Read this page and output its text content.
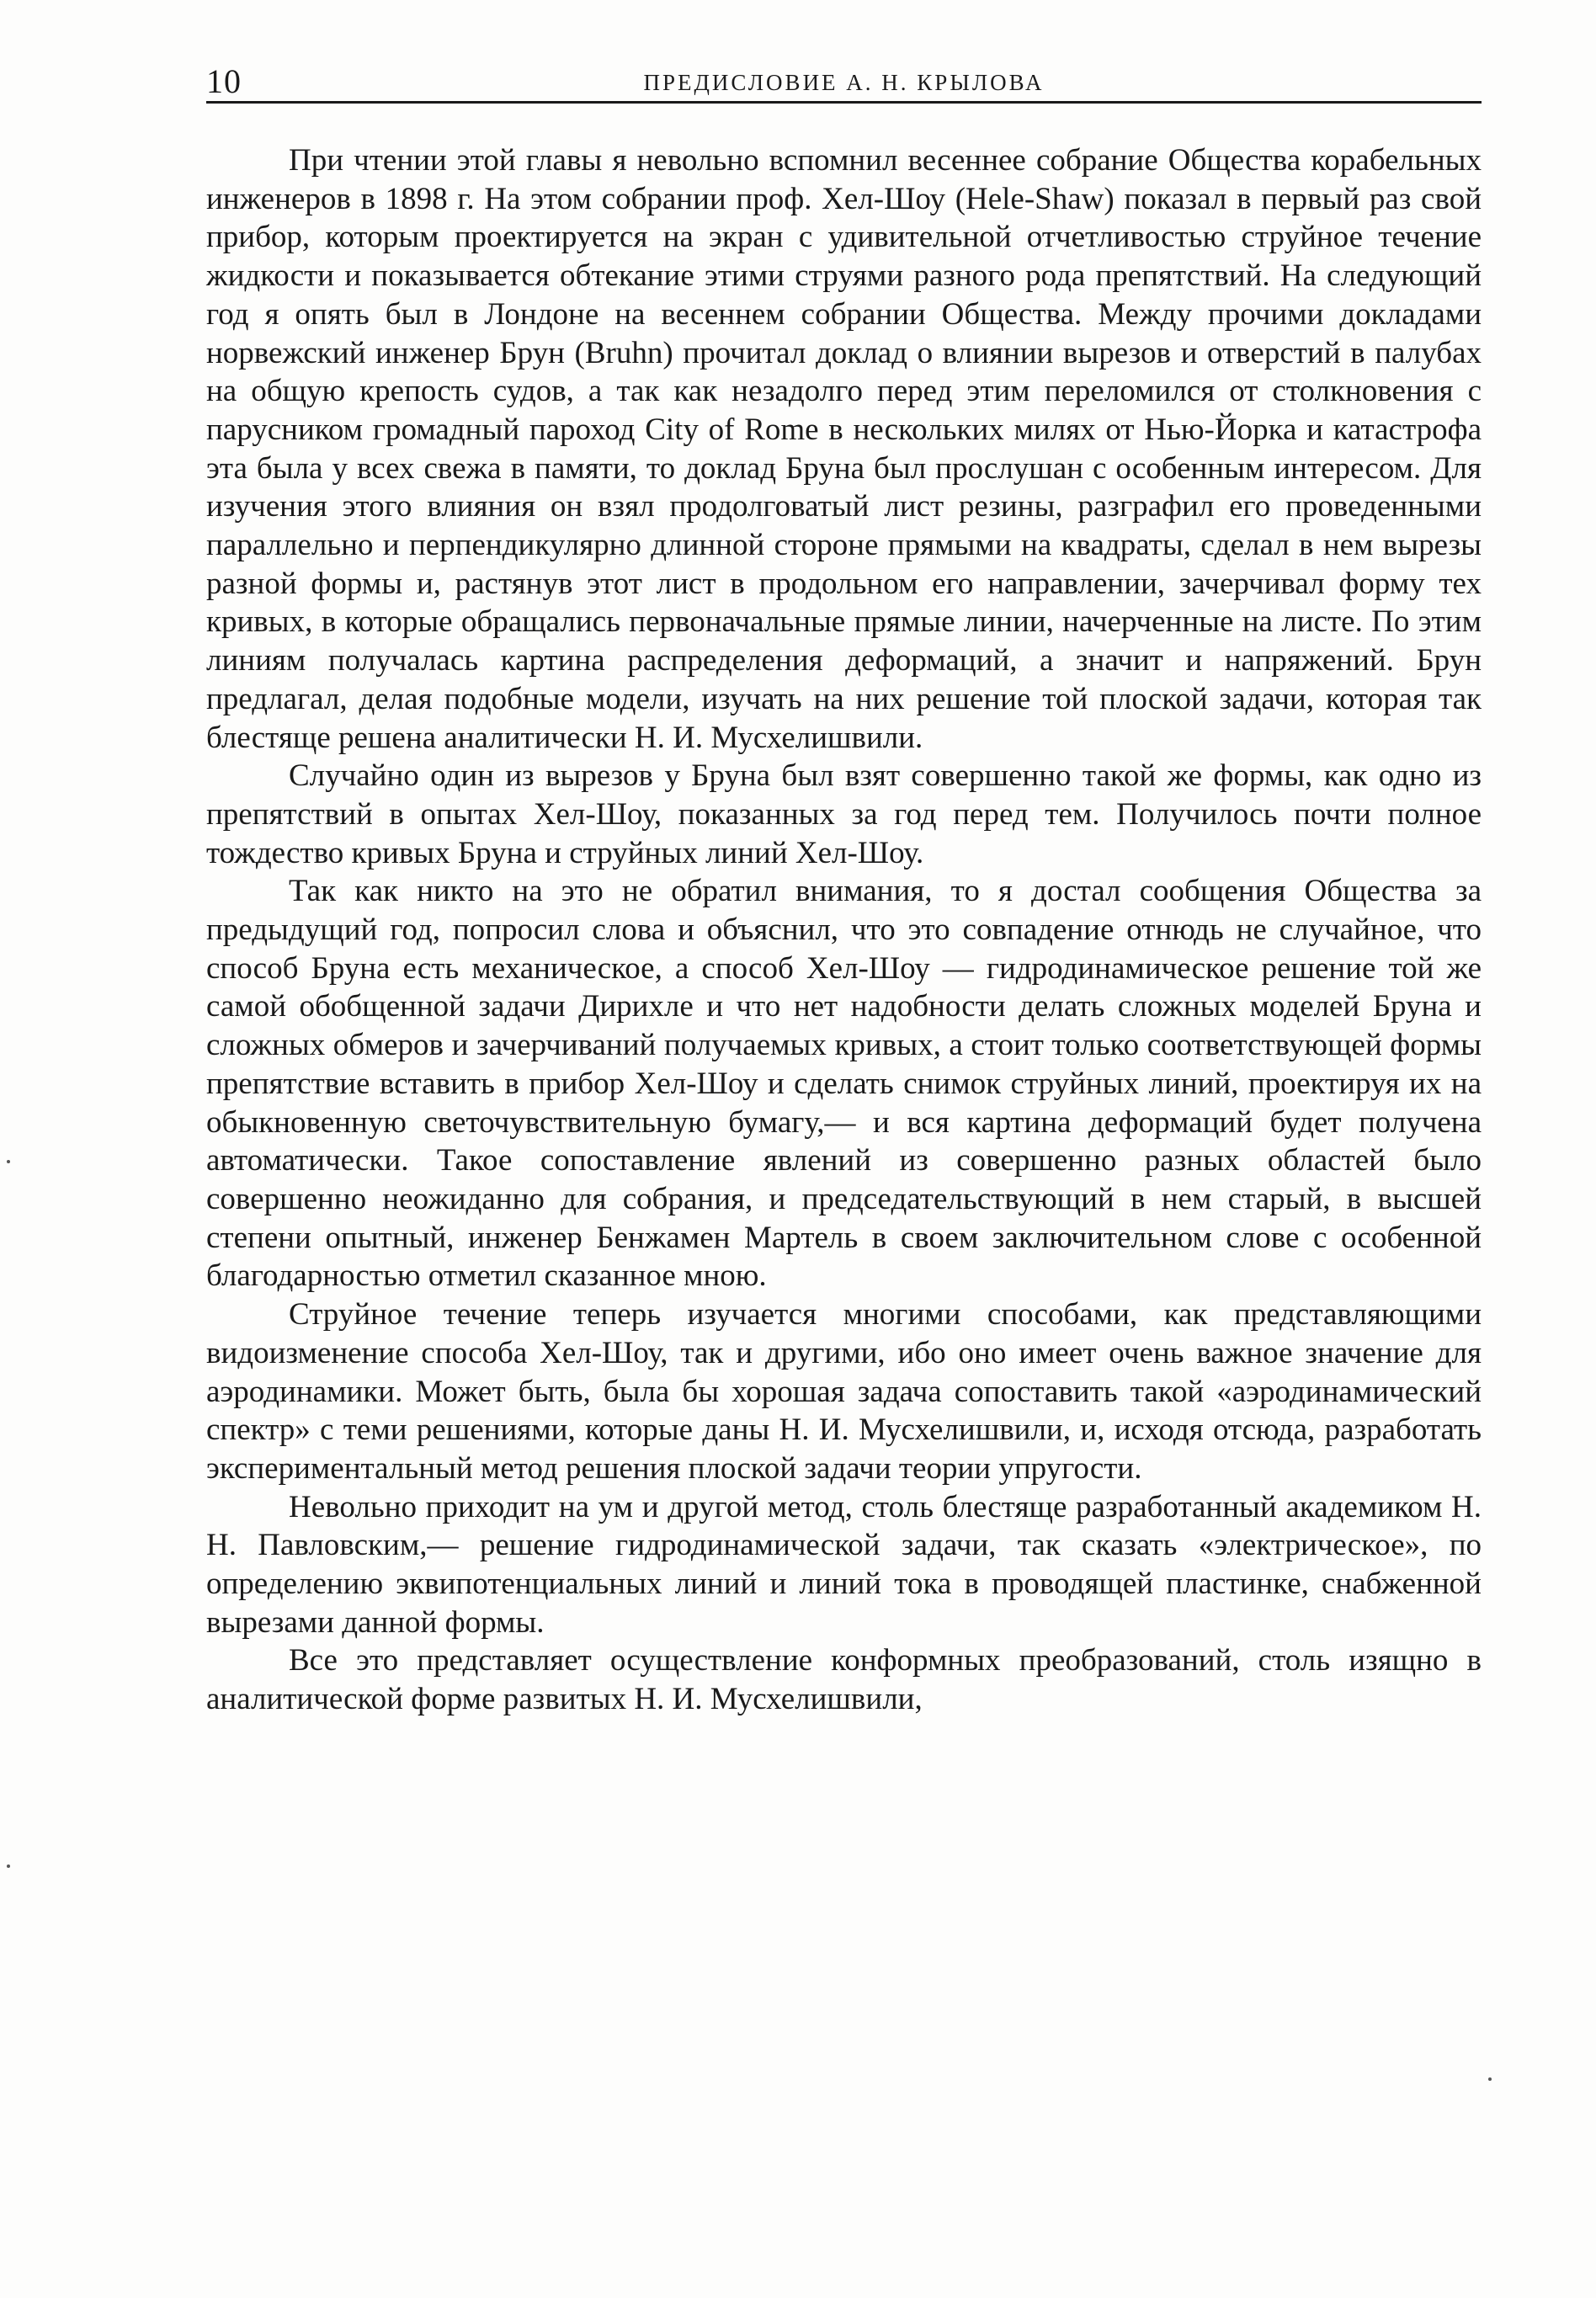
10	ПРЕДИСЛОВИЕ А. Н. КРЫЛОВА

При чтении этой главы я невольно вспомнил весеннее собрание Общества корабельных инженеров в 1898 г. На этом собрании проф. Хел-Шоу (Hele-Shaw) показал в первый раз свой прибор, которым проектируется на экран с удивительной отчетливостью струйное течение жидкости и показывается обтекание этими струями разного рода препятствий. На следующий год я опять был в Лондоне на весеннем собрании Общества. Между прочими докладами норвежский инженер Брун (Bruhn) прочитал доклад о влиянии вырезов и отверстий в палубах на общую крепость судов, а так как незадолго перед этим переломился от столкновения с парусником громадный пароход City of Rome в нескольких милях от Нью-Йорка и катастрофа эта была у всех свежа в памяти, то доклад Бруна был прослушан с особенным интересом. Для изучения этого влияния он взял продолговатый лист резины, разграфил его проведенными параллельно и перпендикулярно длинной стороне прямыми на квадраты, сделал в нем вырезы разной формы и, растянув этот лист в продольном его направлении, зачерчивал форму тех кривых, в которые обращались первоначальные прямые линии, начерченные на листе. По этим линиям получалась картина распределения деформаций, а значит и напряжений. Брун предлагал, делая подобные модели, изучать на них решение той плоской задачи, которая так блестяще решена аналитически Н. И. Мусхелишвили.

Случайно один из вырезов у Бруна был взят совершенно такой же формы, как одно из препятствий в опытах Хел-Шоу, показанных за год перед тем. Получилось почти полное тождество кривых Бруна и струйных линий Хел-Шоу.

Так как никто на это не обратил внимания, то я достал сообщения Общества за предыдущий год, попросил слова и объяснил, что это совпадение отнюдь не случайное, что способ Бруна есть механическое, а способ Хел-Шоу — гидродинамическое решение той же самой обобщенной задачи Дирихле и что нет надобности делать сложных моделей Бруна и сложных обмеров и зачерчиваний получаемых кривых, а стоит только соответствующей формы препятствие вставить в прибор Хел-Шоу и сделать снимок струйных линий, проектируя их на обыкновенную светочувствительную бумагу,— и вся картина деформаций будет получена автоматически. Такое сопоставление явлений из совершенно разных областей было совершенно неожиданно для собрания, и председательствующий в нем старый, в высшей степени опытный, инженер Бенжамен Мартель в своем заключительном слове с особенной благодарностью отметил сказанное мною.

Струйное течение теперь изучается многими способами, как представляющими видоизменение способа Хел-Шоу, так и другими, ибо оно имеет очень важное значение для аэродинамики. Может быть, была бы хорошая задача сопоставить такой «аэродинамический спектр» с теми решениями, которые даны Н. И. Мусхелишвили, и, исходя отсюда, разработать экспериментальный метод решения плоской задачи теории упругости.

Невольно приходит на ум и другой метод, столь блестяще разработанный академиком Н. Н. Павловским,— решение гидродинамической задачи, так сказать «электрическое», по определению эквипотенциальных линий и линий тока в проводящей пластинке, снабженной вырезами данной формы.

Все это представляет осуществление конформных преобразований, столь изящно в аналитической форме развитых Н. И. Мусхелишвили,
